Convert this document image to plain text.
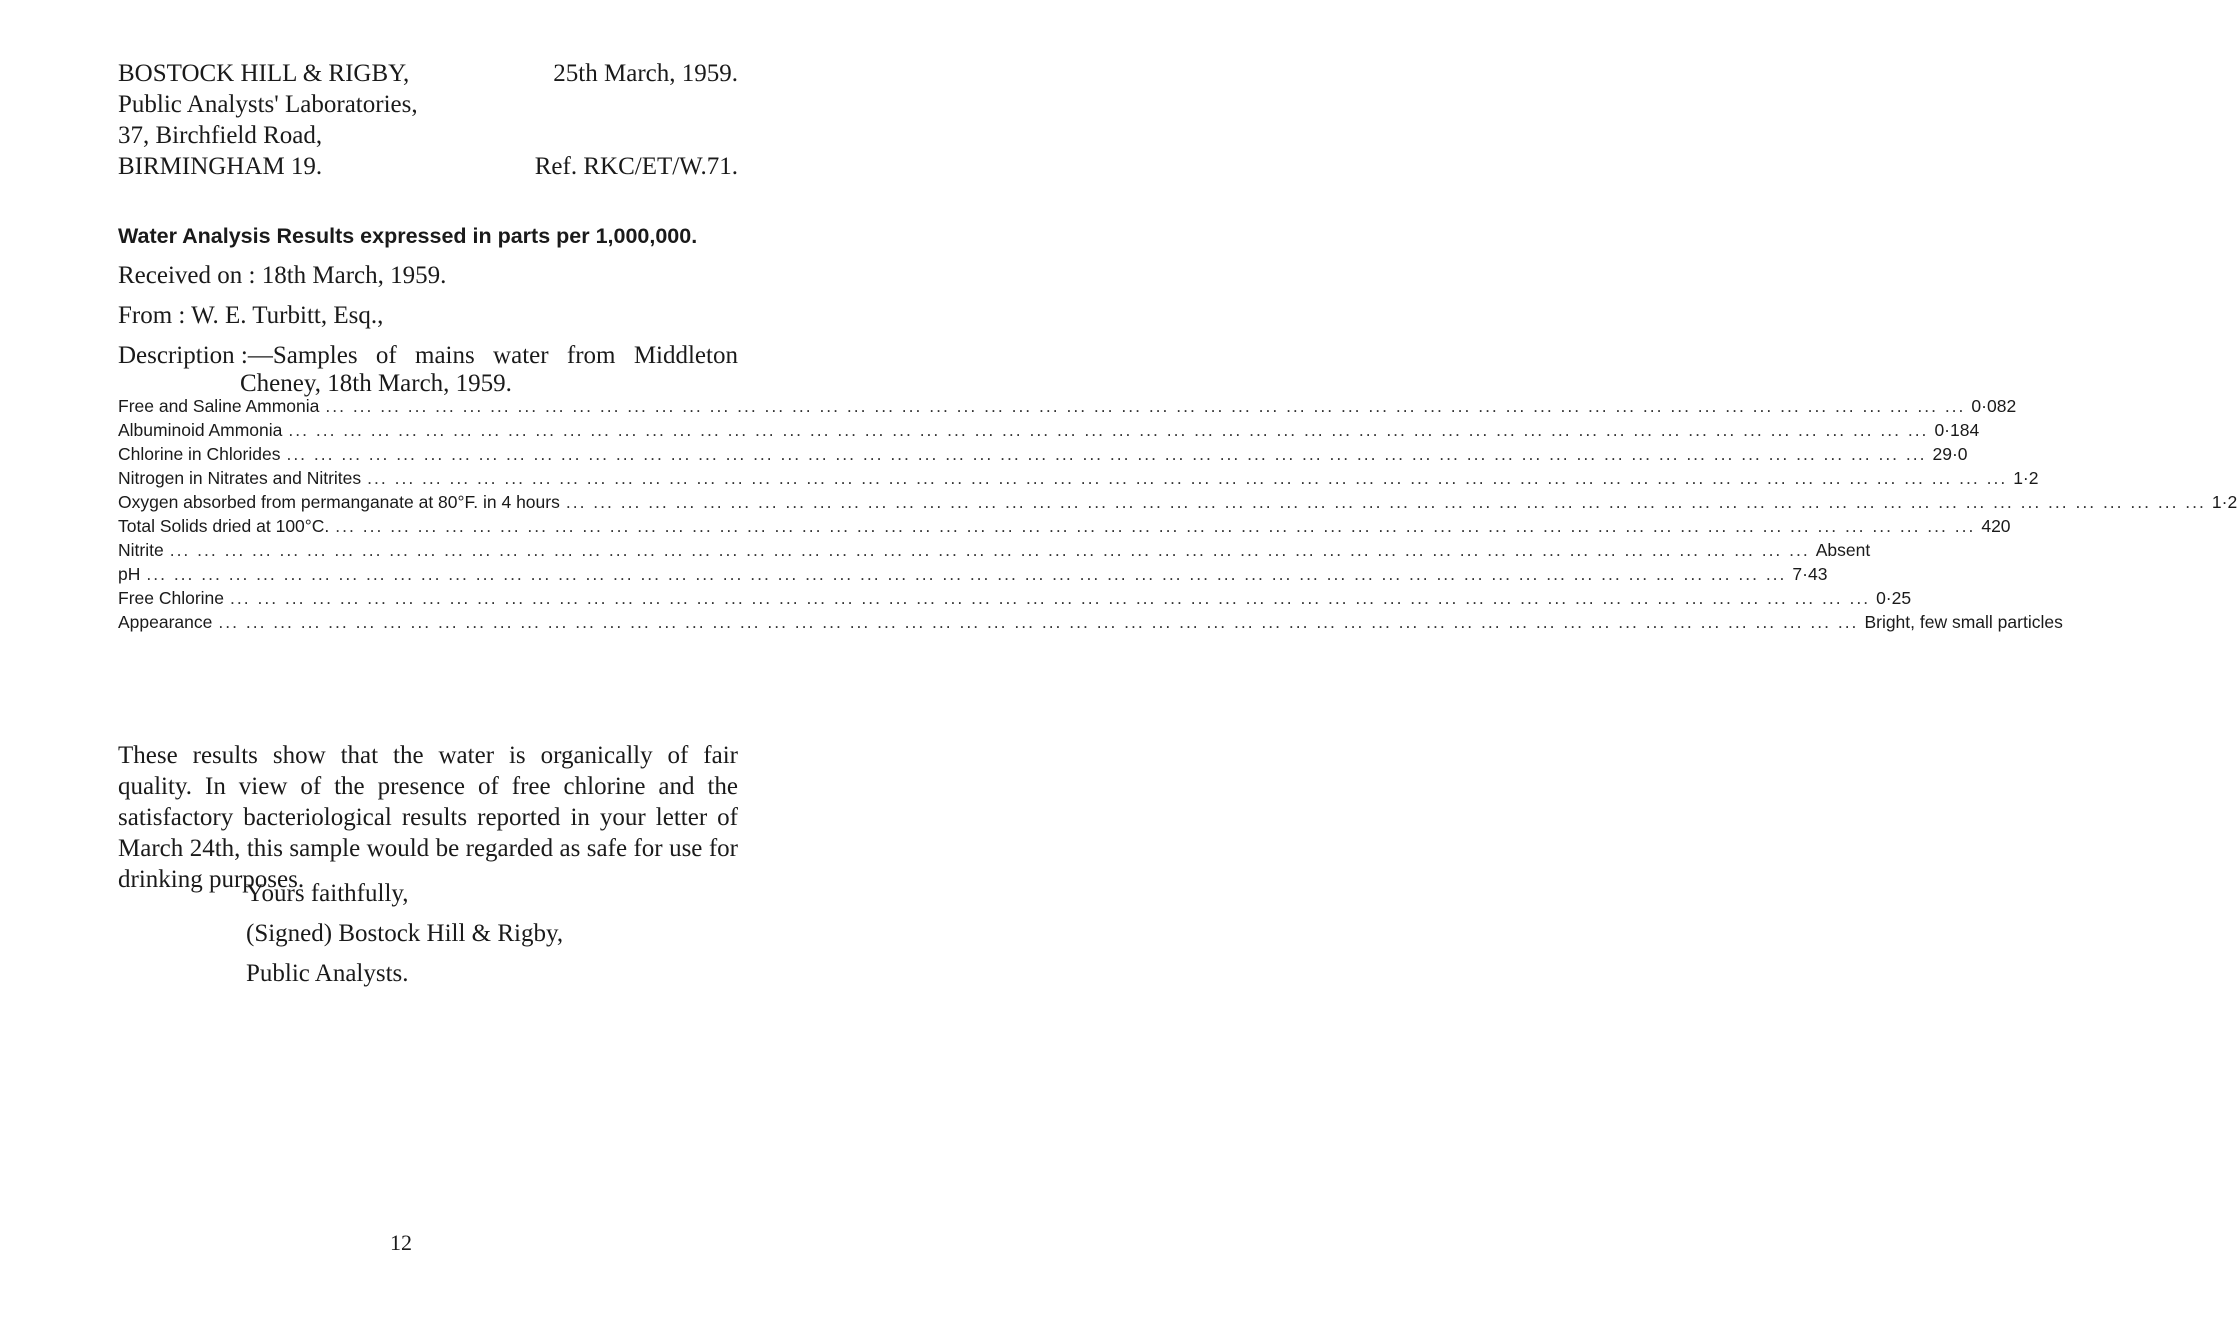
BOSTOCK HILL & RIGBY,	25th March, 1959.
Public Analysts' Laboratories,
37, Birchfield Road,
BIRMINGHAM 19.	Ref. RKC/ET/W.71.
Water Analysis Results expressed in parts per 1,000,000.
Received on : 18th March, 1959.
From : W. E. Turbitt, Esq.,
Description :—Samples of mains water from Middleton
Cheney, 18th March, 1959.
Free and Saline Ammonia ... ... ... ... ... ... ... ... ... ... ... ... ... ... ... ... ... ... ... ... ... ... ... ... ... ... ... ... ... ... ... ... ... ... ... ... ... ... ... ... ... ... ... ... ... ... ... ... ... ... ... ... ... ... ... ... ... ... ... ... 0·082
Albuminoid Ammonia ... ... ... ... ... ... ... ... ... ... ... ... ... ... ... ... ... ... ... ... ... ... ... ... ... ... ... ... ... ... ... ... ... ... ... ... ... ... ... ... ... ... ... ... ... ... ... ... ... ... ... ... ... ... ... ... ... ... ... ... 0·184
Chlorine in Chlorides ... ... ... ... ... ... ... ... ... ... ... ... ... ... ... ... ... ... ... ... ... ... ... ... ... ... ... ... ... ... ... ... ... ... ... ... ... ... ... ... ... ... ... ... ... ... ... ... ... ... ... ... ... ... ... ... ... ... ... ... 29·0
Nitrogen in Nitrates and Nitrites ... ... ... ... ... ... ... ... ... ... ... ... ... ... ... ... ... ... ... ... ... ... ... ... ... ... ... ... ... ... ... ... ... ... ... ... ... ... ... ... ... ... ... ... ... ... ... ... ... ... ... ... ... ... ... ... ... ... ... ... 1·2
Oxygen absorbed from permanganate at 80°F. in 4 hours ... ... ... ... ... ... ... ... ... ... ... ... ... ... ... ... ... ... ... ... ... ... ... ... ... ... ... ... ... ... ... ... ... ... ... ... ... ... ... ... ... ... ... ... ... ... ... ... ... ... ... ... ... ... ... ... ... ... ... ... 1·2
Total Solids dried at 100°C. ... ... ... ... ... ... ... ... ... ... ... ... ... ... ... ... ... ... ... ... ... ... ... ... ... ... ... ... ... ... ... ... ... ... ... ... ... ... ... ... ... ... ... ... ... ... ... ... ... ... ... ... ... ... ... ... ... ... ... ... 420
Nitrite ... ... ... ... ... ... ... ... ... ... ... ... ... ... ... ... ... ... ... ... ... ... ... ... ... ... ... ... ... ... ... ... ... ... ... ... ... ... ... ... ... ... ... ... ... ... ... ... ... ... ... ... ... ... ... ... ... ... ... ... Absent
pH ... ... ... ... ... ... ... ... ... ... ... ... ... ... ... ... ... ... ... ... ... ... ... ... ... ... ... ... ... ... ... ... ... ... ... ... ... ... ... ... ... ... ... ... ... ... ... ... ... ... ... ... ... ... ... ... ... ... ... ... 7·43
Free Chlorine ... ... ... ... ... ... ... ... ... ... ... ... ... ... ... ... ... ... ... ... ... ... ... ... ... ... ... ... ... ... ... ... ... ... ... ... ... ... ... ... ... ... ... ... ... ... ... ... ... ... ... ... ... ... ... ... ... ... ... ... 0·25
Appearance ... ... ... ... ... ... ... ... ... ... ... ... ... ... ... ... ... ... ... ... ... ... ... ... ... ... ... ... ... ... ... ... ... ... ... ... ... ... ... ... ... ... ... ... ... ... ... ... ... ... ... ... ... ... ... ... ... ... ... ... Bright, few small particles
These results show that the water is organically of fair quality. In view of the presence of free chlorine and the satisfactory bacteriological results reported in your letter of March 24th, this sample would be regarded as safe for use for drinking purposes.
Yours faithfully,
(Signed) Bostock Hill & Rigby,
Public Analysts.
12
